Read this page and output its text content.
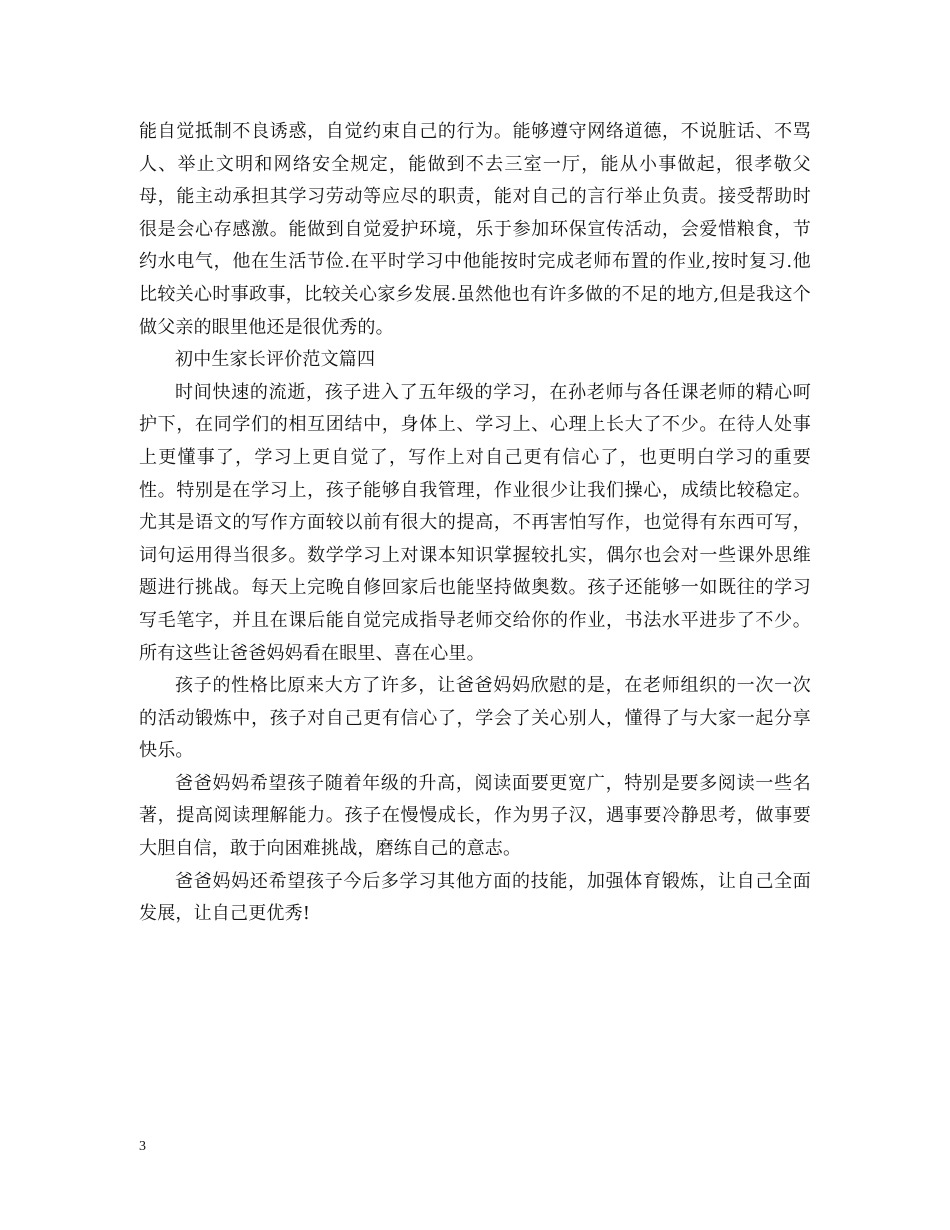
能自觉抵制不良诱惑，自觉约束自己的行为。能够遵守网络道德，不说脏话、不骂人、举止文明和网络安全规定，能做到不去三室一厅，能从小事做起，很孝敬父母，能主动承担其学习劳动等应尽的职责，能对自己的言行举止负责。接受帮助时很是会心存感激。能做到自觉爱护环境，乐于参加环保宣传活动，会爱惜粮食，节约水电气，他在生活节俭.在平时学习中他能按时完成老师布置的作业,按时复习.他比较关心时事政事，比较关心家乡发展.虽然他也有许多做的不足的地方,但是我这个做父亲的眼里他还是很优秀的。

初中生家长评价范文篇四

时间快速的流逝，孩子进入了五年级的学习，在孙老师与各任课老师的精心呵护下，在同学们的相互团结中，身体上、学习上、心理上长大了不少。在待人处事上更懂事了，学习上更自觉了，写作上对自己更有信心了，也更明白学习的重要性。特别是在学习上，孩子能够自我管理，作业很少让我们操心，成绩比较稳定。尤其是语文的写作方面较以前有很大的提高，不再害怕写作，也觉得有东西可写，词句运用得当很多。数学学习上对课本知识掌握较扎实，偶尔也会对一些课外思维题进行挑战。每天上完晚自修回家后也能坚持做奥数。孩子还能够一如既往的学习写毛笔字，并且在课后能自觉完成指导老师交给你的作业，书法水平进步了不少。所有这些让爸爸妈妈看在眼里、喜在心里。

孩子的性格比原来大方了许多，让爸爸妈妈欣慰的是，在老师组织的一次一次的活动锻炼中，孩子对自己更有信心了，学会了关心别人，懂得了与大家一起分享快乐。

爸爸妈妈希望孩子随着年级的升高，阅读面要更宽广，特别是要多阅读一些名著，提高阅读理解能力。孩子在慢慢成长，作为男子汉，遇事要冷静思考，做事要大胆自信，敢于向困难挑战，磨练自己的意志。

爸爸妈妈还希望孩子今后多学习其他方面的技能，加强体育锻炼，让自己全面发展，让自己更优秀!

3
